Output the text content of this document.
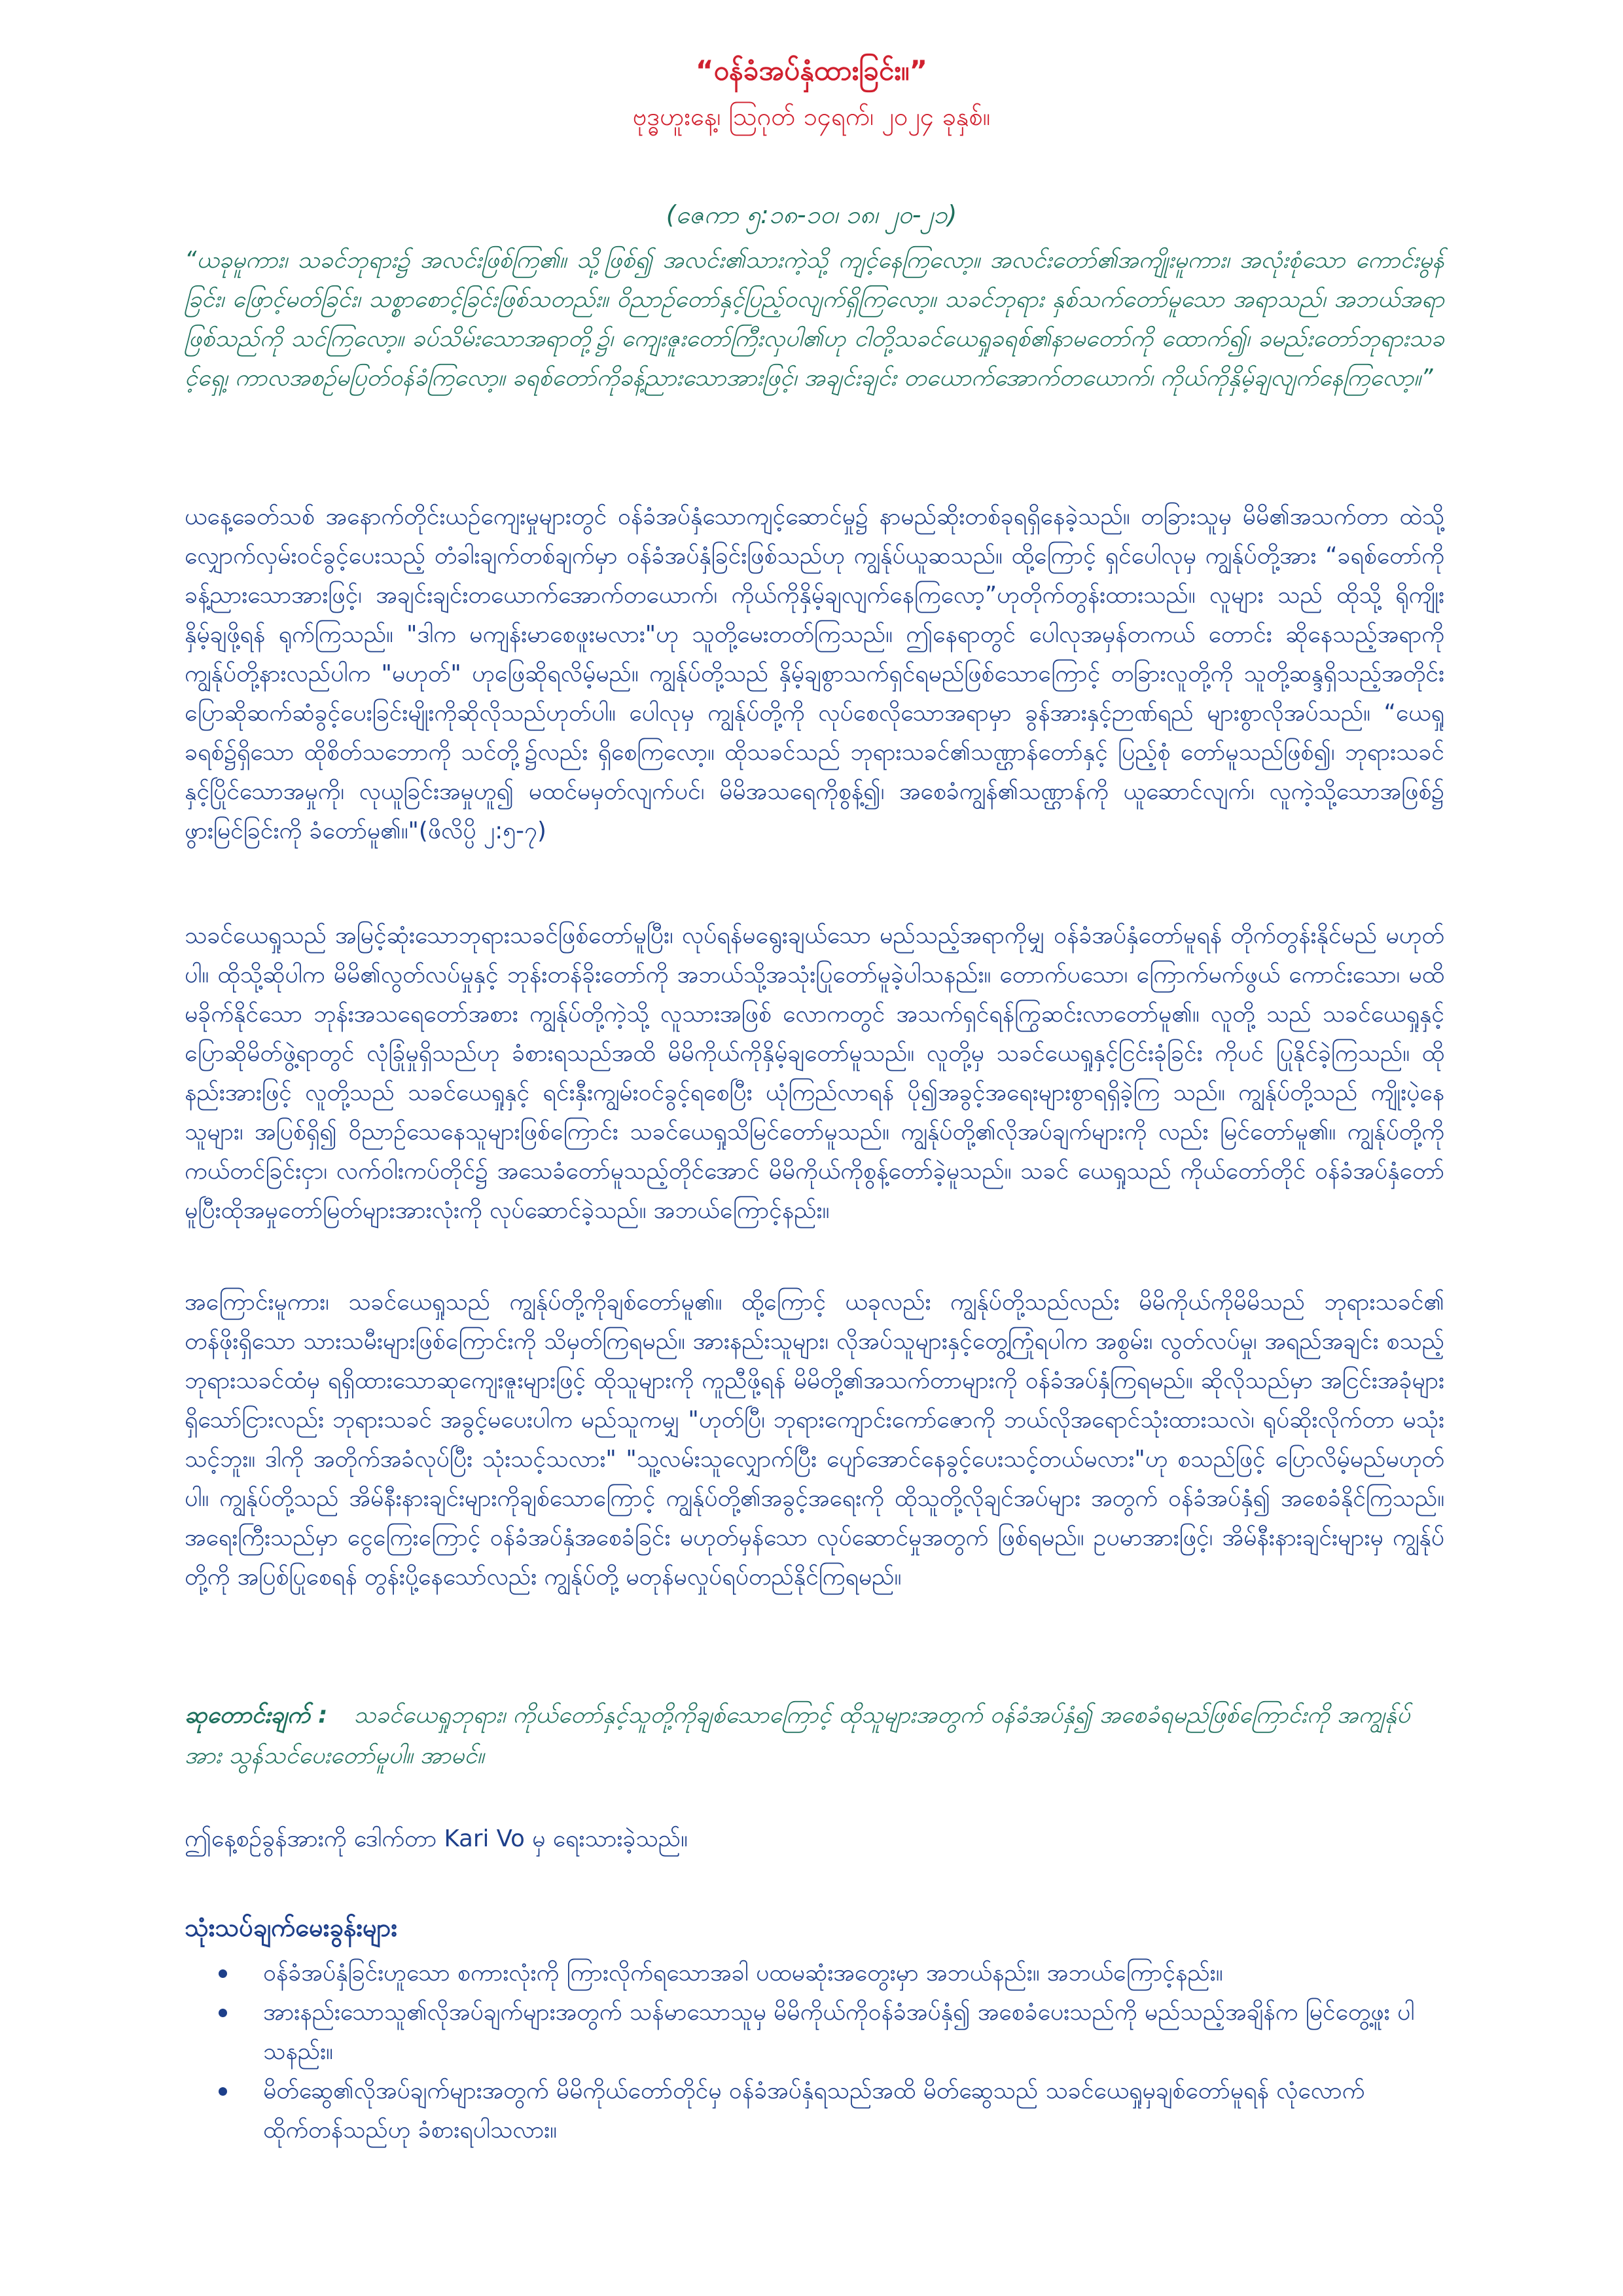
“ဝန်ခံအပ်နှံထားခြင်း။”
ဗုဒ္ဓဟူးနေ့၊ ဩဂုတ် ၁၄ရက်၊ ၂၀၂၄ ခုနှစ်။
(ဇေကာ ၅:၁၈-၁၀၊ ၁၈၊ ၂၀-၂၁)

“ယခုမူကား၊ သခင်ဘုရား၌ အလင်းဖြစ်ကြ၏။ သို့ဖြစ်၍ အလင်း၏သားကဲ့သို့ ကျင့်နေကြလော့။ အလင်းတော်၏အကျိုးမူကား၊ အလုံးစုံသော ကောင်းမွန်ခြင်း၊ ဖြောင့်မတ်ခြင်း၊ သစ္စာစောင့်ခြင်းဖြစ်သတည်း။ ဝိညာဉ်တော်နှင့်ပြည့်ဝလျက်ရှိကြလော့။ သခင်ဘုရား နှစ်သက်တော်မူသော အရာသည်၊ အဘယ်အရာဖြစ်သည်ကို သင်ကြလော့။ ခပ်သိမ်းသောအရာတို့၌၊ ကျေးဇူးတော်ကြီးလှပါ၏ဟု ငါတို့သခင်ယေရှုခရစ်၏နာမတော်ကို ထောက်၍၊ ခမည်းတော်ဘုရားသခင့်ရှေ့၊ ကာလအစဉ်မပြတ်ဝန်ခံကြလော့။ ခရစ်တော်ကိုခန့်ညားသောအားဖြင့်၊ အချင်းချင်း တယောက်အောက်တယောက်၊ ကိုယ်ကိုနှိမ့်ချလျက်နေကြလော့။”

ယနေ့ခေတ်သစ် အနောက်တိုင်းယဉ်ကျေးမှုများတွင် ဝန်ခံအပ်နှံသောကျင့်ဆောင်မှု၌ နာမည်ဆိုးတစ်ခုရရှိနေခဲ့သည်။ တခြားသူမှ မိမိ၏အသက်တာ ထဲသို့ လျှောက်လှမ်းဝင်ခွင့်ပေးသည့် တံခါးချက်တစ်ချက်မှာ ဝန်ခံအပ်နှံခြင်းဖြစ်သည်ဟု ကျွန်ုပ်ယူဆသည်။ ထို့ကြောင့် ရှင်ပေါလုမှ ကျွန်ုပ်တို့အား “ခရစ်တော်ကိုခန့်ညားသောအားဖြင့်၊ အချင်းချင်းတယောက်အောက်တယောက်၊ ကိုယ်ကိုနှိမ့်ချလျက်နေကြလော့”ဟုတိုက်တွန်းထားသည်။ လူများ သည် ထိုသို့ ရိုကျိုးနှိမ့်ချဖို့ရန် ရုက်ကြသည်။ "ဒါက မကျန်းမာစေဖူးမလား"ဟု သူတို့မေးတတ်ကြသည်။ ဤနေရာတွင် ပေါလုအမှန်တကယ် တောင်း ဆိုနေသည့်အရာကို ကျွန်ုပ်တို့နားလည်ပါက "မဟုတ်" ဟုဖြေဆိုရလိမ့်မည်။ ကျွန်ုပ်တို့သည် နှိမ့်ချစွာသက်ရှင်ရမည်ဖြစ်သောကြောင့် တခြားလူတို့ကို သူတို့ဆန္ဒရှိသည့်အတိုင်း ပြောဆိုဆက်ဆံခွင့်ပေးခြင်းမျိုးကိုဆိုလိုသည်ဟုတ်ပါ။ ပေါလုမှ ကျွန်ုပ်တို့ကို လုပ်စေလိုသောအရာမှာ ခွန်အားနှင့်ဉာဏ်ရည် များစွာလိုအပ်သည်။ “ယေရှုခရစ်၌ရှိသော ထိုစိတ်သဘောကို သင်တို့၌လည်း ရှိစေကြလော့။ ထိုသခင်သည် ဘုရားသခင်၏သဏ္ဌာန်တော်နှင့် ပြည့်စုံ တော်မူသည်ဖြစ်၍၊ ဘုရားသခင်နှင့်ပြိုင်သောအမှုကို၊ လုယူခြင်းအမှုဟူ၍ မထင်မမှတ်လျက်ပင်၊ မိမိအသရေကိုစွန့်၍၊ အစေခံကျွန်၏သဏ္ဌာန်ကို ယူဆောင်လျက်၊ လူကဲ့သို့သောအဖြစ်၌ ဖွားမြင်ခြင်းကို ခံတော်မူ၏။"(ဖိလိပ္ပိ ၂:၅-၇)

သခင်ယေရှုသည် အမြင့်ဆုံးသောဘုရားသခင်ဖြစ်တော်မူပြီး၊ လုပ်ရန်မရွေးချယ်သော မည်သည့်အရာကိုမျှ ဝန်ခံအပ်နှံတော်မူရန် တိုက်တွန်းနိုင်မည် မဟုတ်ပါ။ ထိုသို့ဆိုပါက မိမိ၏လွတ်လပ်မှုနှင့် ဘုန်းတန်ခိုးတော်ကို အဘယ်သို့အသုံးပြုတော်မူခဲ့ပါသနည်း။ တောက်ပသော၊ ကြောက်မက်ဖွယ် ကောင်းသော၊ မထိမခိုက်နိုင်သော ဘုန်းအသရေတော်အစား ကျွန်ုပ်တို့ကဲ့သို့ လူသားအဖြစ် လောကတွင် အသက်ရှင်ရန်ကြွဆင်းလာတော်မူ၏။ လူတို့ သည် သခင်ယေရှုနှင့်ပြောဆိုမိတ်ဖွဲ့ရာတွင် လုံခြုံမှုရှိသည်ဟု ခံစားရသည်အထိ မိမိကိုယ်ကိုနှိမ့်ချတော်မူသည်။ လူတို့မှ သခင်ယေရှုနှင့်ငြင်းခုံခြင်း ကိုပင် ပြုနိုင်ခဲ့ကြသည်။ ထိုနည်းအားဖြင့် လူတို့သည် သခင်ယေရှုနှင့် ရင်းနှီးကျွမ်းဝင်ခွင့်ရစေပြီး ယုံကြည်လာရန် ပို၍အခွင့်အရေးများစွာရရှိခဲ့ကြ သည်။ ကျွန်ုပ်တို့သည် ကျိုးပဲ့နေသူများ၊ အပြစ်ရှိ၍ ဝိညာဉ်သေနေသူများဖြစ်ကြောင်း သခင်ယေရှုသိမြင်တော်မူသည်။ ကျွန်ုပ်တို့၏လိုအပ်ချက်များကို လည်း မြင်တော်မူ၏။ ကျွန်ုပ်တို့ကို ကယ်တင်ခြင်းငှာ၊ လက်ဝါးကပ်တိုင်၌ အသေခံတော်မူသည့်တိုင်အောင် မိမိကိုယ်ကိုစွန့်တော်ခဲ့မူသည်။ သခင် ယေရှုသည် ကိုယ်တော်တိုင် ဝန်ခံအပ်နှံတော်မူပြီးထိုအမှုတော်မြတ်များအားလုံးကို လုပ်ဆောင်ခဲ့သည်။ အဘယ်ကြောင့်နည်း။

အကြောင်းမူကား၊ သခင်ယေရှုသည် ကျွန်ုပ်တို့ကိုချစ်တော်မူ၏။ ထို့ကြောင့် ယခုလည်း ကျွန်ုပ်တို့သည်လည်း မိမိကိုယ်ကိုမိမိသည် ဘုရားသခင်၏ တန်ဖိုးရှိသော သားသမီးများဖြစ်ကြောင်းကို သိမှတ်ကြရမည်။ အားနည်းသူများ၊ လိုအပ်သူများနှင့်တွေ့ကြုံရပါက အစွမ်း၊ လွတ်လပ်မှု၊ အရည်အချင်း စသည့် ဘုရားသခင်ထံမှ ရရှိထားသောဆုကျေးဇူးများဖြင့် ထိုသူများကို ကူညီဖို့ရန် မိမိတို့၏အသက်တာများကို ဝန်ခံအပ်နှံကြရမည်။ ဆိုလိုသည်မှာ အငြင်းအခုံများရှိသော်ငြားလည်း ဘုရားသခင် အခွင့်မပေးပါက မည်သူကမျှ "ဟုတ်ပြီ၊ ဘုရားကျောင်းကော်ဇောကို ဘယ်လိုအရောင်သုံးထားသလဲ၊ ရုပ်ဆိုးလိုက်တာ မသုံးသင့်ဘူး။ ဒါကို အတိုက်အခံလုပ်ပြီး သုံးသင့်သလား" "သူ့လမ်းသူလျှောက်ပြီး ပျော်အောင်နေခွင့်ပေးသင့်တယ်မလား"ဟု စသည်ဖြင့် ပြောလိမ့်မည်မဟုတ်ပါ။ ကျွန်ုပ်တို့သည် အိမ်နီးနားချင်းများကိုချစ်သောကြောင့် ကျွန်ုပ်တို့၏အခွင့်အရေးကို ထိုသူတို့လိုချင်အပ်များ အတွက် ဝန်ခံအပ်နှံ၍ အစေခံနိုင်ကြသည်။ အရေးကြီးသည်မှာ ငွေကြေးကြောင့် ဝန်ခံအပ်နှံအစေခံခြင်း မဟုတ်မှန်သော လုပ်ဆောင်မှုအတွက် ဖြစ်ရမည်။ ဥပမာအားဖြင့်၊ အိမ်နီးနားချင်းများမှ ကျွန်ုပ်တို့ကို အပြစ်ပြုစေရန် တွန်းပို့နေသော်လည်း ကျွန်ုပ်တို့ မတုန်မလှုပ်ရပ်တည်နိုင်ကြရမည်။

ဆုတောင်းချက် : သခင်ယေရှုဘုရား၊ ကိုယ်တော်နှင့်သူတို့ကိုချစ်သောကြောင့် ထိုသူများအတွက် ဝန်ခံအပ်နှံ၍ အစေခံရမည်ဖြစ်ကြောင်းကို အကျွန်ုပ်အား သွန်သင်ပေးတော်မူပါ။ အာမင်။

ဤနေ့စဉ်ခွန်အားကို ဒေါက်တာ Kari Vo မှ ရေးသားခဲ့သည်။

သုံးသပ်ချက်မေးခွန်းများ

ဝန်ခံအပ်နှံခြင်းဟူသော စကားလုံးကို ကြားလိုက်ရသောအခါ ပထမဆုံးအတွေးမှာ အဘယ်နည်း။ အဘယ်ကြောင့်နည်း။
အားနည်းသောသူ၏လိုအပ်ချက်များအတွက် သန်မာသောသူမှ မိမိကိုယ်ကိုဝန်ခံအပ်နှံ၍ အစေခံပေးသည်ကို မည်သည့်အချိန်က မြင်တွေ့ဖူး ပါသနည်း။
မိတ်ဆွေ၏လိုအပ်ချက်များအတွက် မိမိကိုယ်တော်တိုင်မှ ဝန်ခံအပ်နှံရသည်အထိ မိတ်ဆွေသည် သခင်ယေရှုမှချစ်တော်မူရန် လုံလောက် ထိုက်တန်သည်ဟု ခံစားရပါသလား။
